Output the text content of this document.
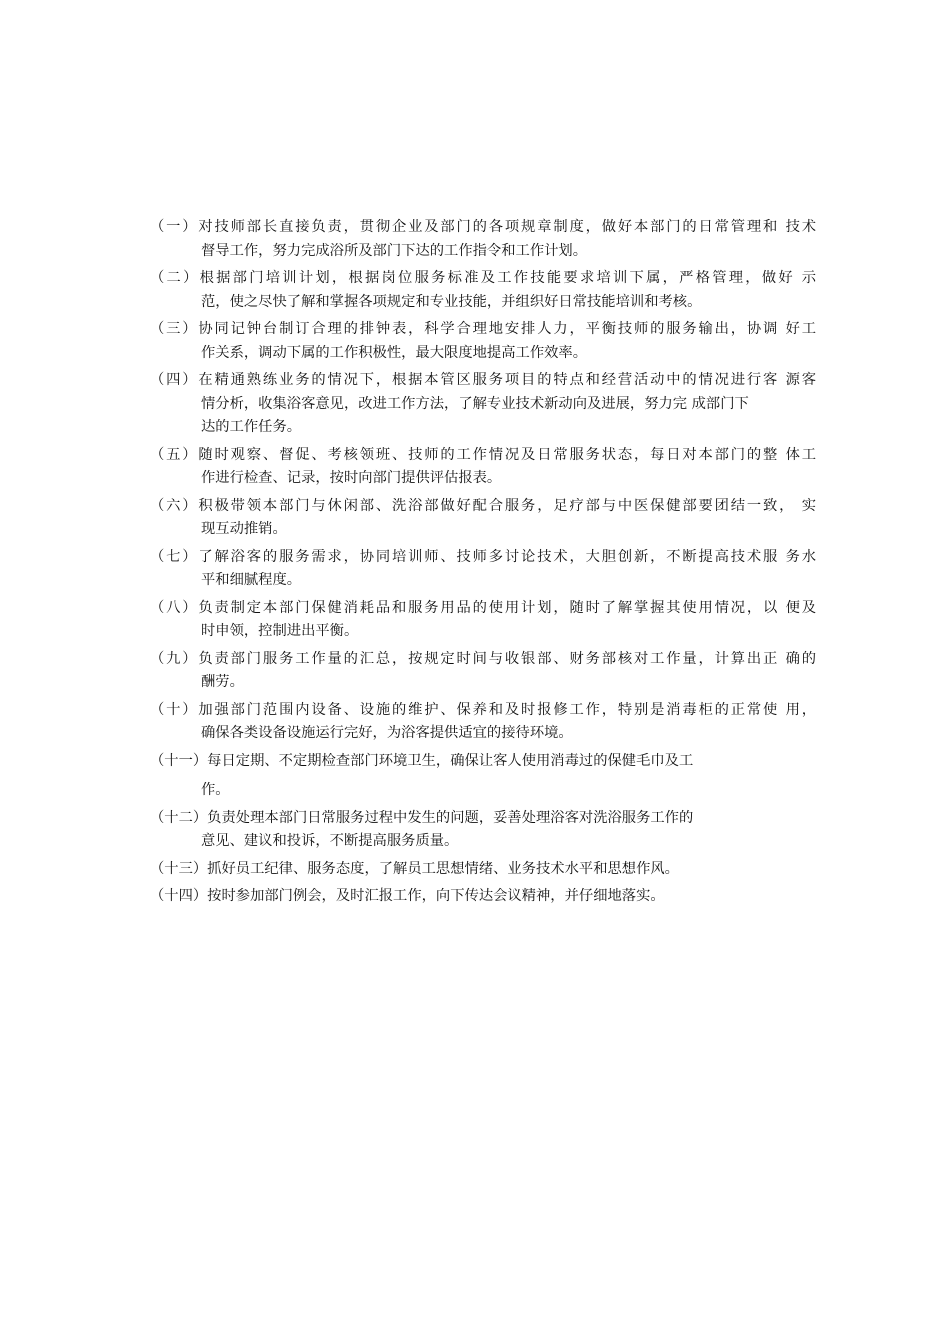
（一）对技师部长直接负责，贯彻企业及部门的各项规章制度，做好本部门的日常管理和 技术
督导工作，努力完成浴所及部门下达的工作指令和工作计划。
（二）根据部门培训计划，根据岗位服务标准及工作技能要求培训下属，严格管理，做好 示
范，使之尽快了解和掌握各项规定和专业技能，并组织好日常技能培训和考核。
（三）协同记钟台制订合理的排钟表，科学合理地安排人力，平衡技师的服务输出，协调 好工
作关系，调动下属的工作积极性，最大限度地提高工作效率。
（四）在精通熟练业务的情况下，根据本管区服务项目的特点和经营活动中的情况进行客 源客
情分析，收集浴客意见，改进工作方法，了解专业技术新动向及进展，努力完 成部门下
达的工作任务。
（五）随时观察、督促、考核领班、技师的工作情况及日常服务状态，每日对本部门的整 体工
作进行检查、记录，按时向部门提供评估报表。
（六）积极带领本部门与休闲部、洗浴部做好配合服务，足疗部与中医保健部要团结一致， 实
现互动推销。
（七）了解浴客的服务需求，协同培训师、技师多讨论技术，大胆创新，不断提高技术服 务水
平和细腻程度。
（八）负责制定本部门保健消耗品和服务用品的使用计划，随时了解掌握其使用情况，以 便及
时申领，控制进出平衡。
（九）负责部门服务工作量的汇总，按规定时间与收银部、财务部核对工作量，计算出正 确的
酬劳。
（十）加强部门范围内设备、设施的维护、保养和及时报修工作，特别是消毒柜的正常使 用，
确保各类设备设施运行完好，为浴客提供适宜的接待环境。
（十一）每日定期、不定期检查部门环境卫生，确保让客人使用消毒过的保健毛巾及工
作。
（十二）负责处理本部门日常服务过程中发生的问题，妥善处理浴客对洗浴服务工作的
意见、建议和投诉，不断提高服务质量。
（十三）抓好员工纪律、服务态度，了解员工思想情绪、业务技术水平和思想作风。
（十四）按时参加部门例会，及时汇报工作，向下传达会议精神，并仔细地落实。
